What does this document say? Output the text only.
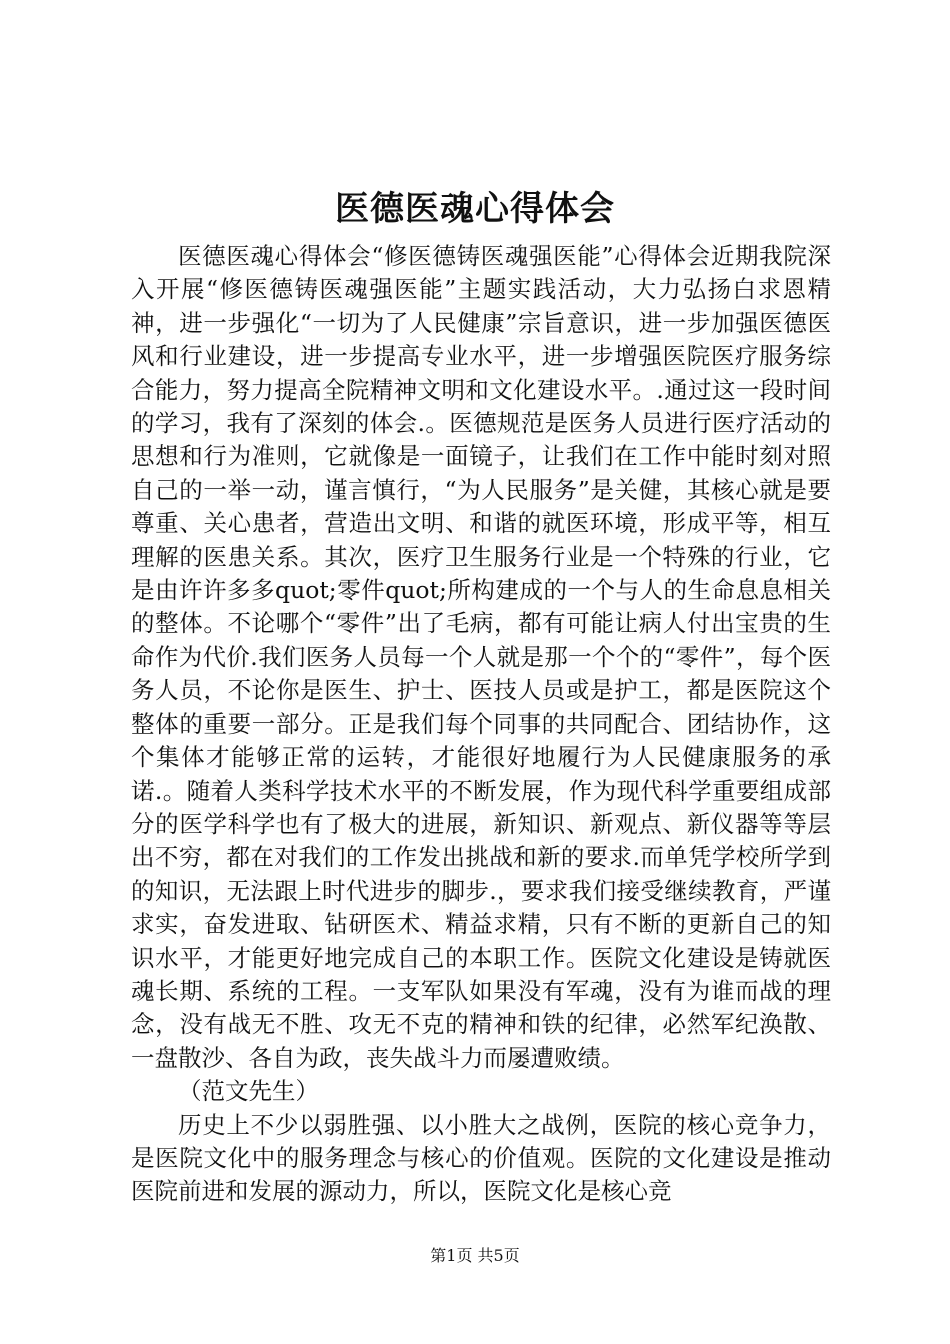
医德医魂心得体会

医德医魂心得体会“修医德铸医魂强医能”心得体会近期我院深入开展“修医德铸医魂强医能”主题实践活动，大力弘扬白求恩精神，进一步强化“一切为了人民健康”宗旨意识，进一步加强医德医风和行业建设，进一步提高专业水平，进一步增强医院医疗服务综合能力，努力提高全院精神文明和文化建设水平。.通过这一段时间的学习，我有了深刻的体会.。医德规范是医务人员进行医疗活动的思想和行为准则，它就像是一面镜子，让我们在工作中能时刻对照自己的一举一动，谨言慎行，“为人民服务”是关健，其核心就是要尊重、关心患者，营造出文明、和谐的就医环境，形成平等，相互理解的医患关系。其次，医疗卫生服务行业是一个特殊的行业，它是由许许多多quot;零件quot;所构建成的一个与人的生命息息相关的整体。不论哪个“零件”出了毛病，都有可能让病人付出宝贵的生命作为代价.我们医务人员每一个人就是那一个个的“零件”，每个医务人员，不论你是医生、护士、医技人员或是护工，都是医院这个整体的重要一部分。正是我们每个同事的共同配合、团结协作，这个集体才能够正常的运转，才能很好地履行为人民健康服务的承诺.。随着人类科学技术水平的不断发展，作为现代科学重要组成部分的医学科学也有了极大的进展，新知识、新观点、新仪器等等层出不穷，都在对我们的工作发出挑战和新的要求.而单凭学校所学到的知识，无法跟上时代进步的脚步.，要求我们接受继续教育，严谨求实，奋发进取、钻研医术、精益求精，只有不断的更新自己的知识水平，才能更好地完成自己的本职工作。医院文化建设是铸就医魂长期、系统的工程。一支军队如果没有军魂，没有为谁而战的理念，没有战无不胜、攻无不克的精神和铁的纪律，必然军纪涣散、一盘散沙、各自为政，丧失战斗力而屡遭败绩。

（范文先生）

历史上不少以弱胜强、以小胜大之战例，医院的核心竞争力，是医院文化中的服务理念与核心的价值观。医院的文化建设是推动医院前进和发展的源动力，所以，医院文化是核心竞

第1页 共5页
